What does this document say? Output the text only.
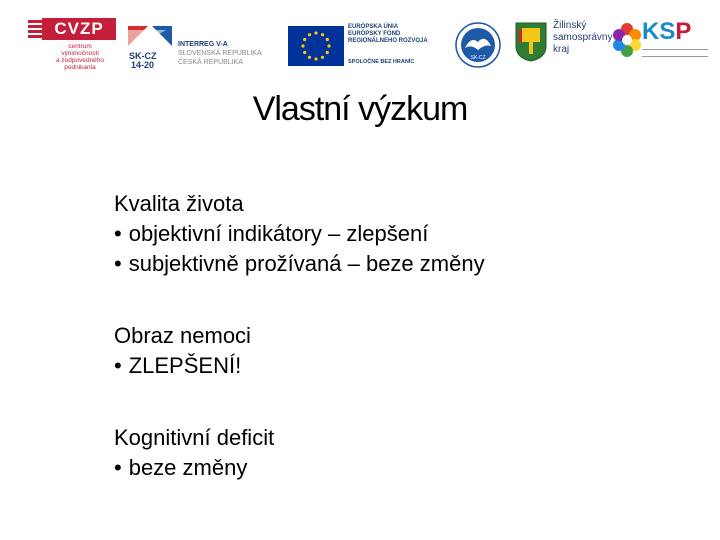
CVZP
centrum
výnimočnosti
a zodpovedného
podnikania
SK-CZ
14-20
INTERREG V-A
SLOVENSKÁ REPUBLIKA
ČESKÁ REPUBLIKA
EURÓPSKA ÚNIA
EURÓPSKY FOND
REGIONÁLNEHO ROZVOJA
SPOLOČNE BEZ HRANÍC
SK-CZ
Žilinský
samosprávny
kraj
KSP
Vlastní výzkum
Kvalita života
• objektivní indikátory – zlepšení
• subjektivně prožívaná – beze změny
Obraz nemoci
• ZLEPŠENÍ!
Kognitivní deficit
• beze změny
